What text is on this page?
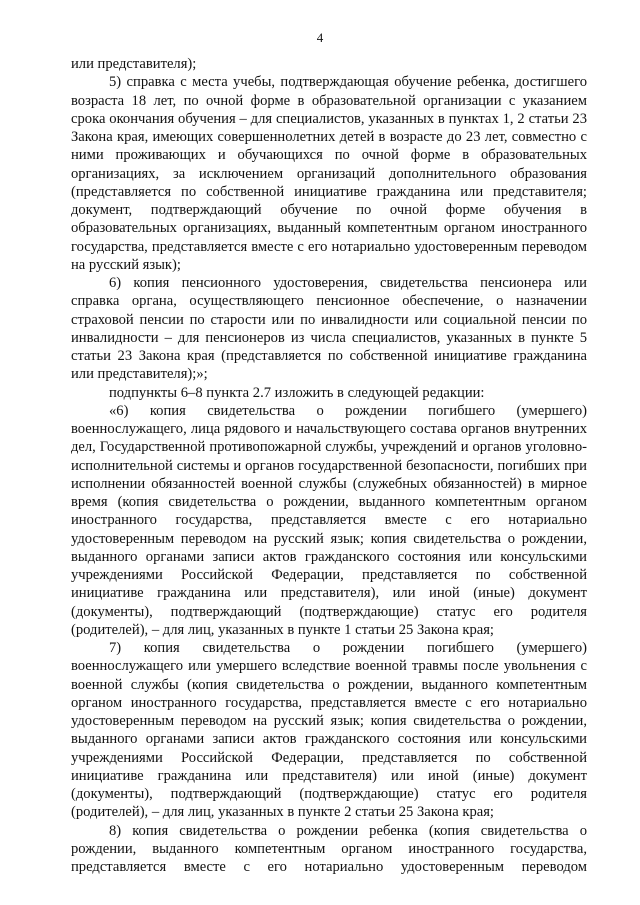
4

или представителя);

5) справка с места учебы, подтверждающая обучение ребенка, достигшего возраста 18 лет, по очной форме в образовательной организации с указанием срока окончания обучения – для специалистов, указанных в пунктах 1, 2 статьи 23 Закона края, имеющих совершеннолетних детей в возрасте до 23 лет, совместно с ними проживающих и обучающихся по очной форме в образовательных организациях, за исключением организаций дополнительного образования (представляется по собственной инициативе гражданина или представителя; документ, подтверждающий обучение по очной форме обучения в образовательных организациях, выданный компетентным органом иностранного государства, представляется вместе с его нотариально удостоверенным переводом на русский язык);

6) копия пенсионного удостоверения, свидетельства пенсионера или справка органа, осуществляющего пенсионное обеспечение, о назначении страховой пенсии по старости или по инвалидности или социальной пенсии по инвалидности – для пенсионеров из числа специалистов, указанных в пункте 5 статьи 23 Закона края (представляется по собственной инициативе гражданина или представителя);»;

подпункты 6–8 пункта 2.7 изложить в следующей редакции:

«6) копия свидетельства о рождении погибшего (умершего) военнослужащего, лица рядового и начальствующего состава органов внутренних дел, Государственной противопожарной службы, учреждений и органов уголовно-исполнительной системы и органов государственной безопасности, погибших при исполнении обязанностей военной службы (служебных обязанностей) в мирное время (копия свидетельства о рождении, выданного компетентным органом иностранного государства, представляется вместе с его нотариально удостоверенным переводом на русский язык; копия свидетельства о рождении, выданного органами записи актов гражданского состояния или консульскими учреждениями Российской Федерации, представляется по собственной инициативе гражданина или представителя), или иной (иные) документ (документы), подтверждающий (подтверждающие) статус его родителя (родителей), – для лиц, указанных в пункте 1 статьи 25 Закона края;

7) копия свидетельства о рождении погибшего (умершего) военнослужащего или умершего вследствие военной травмы после увольнения с военной службы (копия свидетельства о рождении, выданного компетентным органом иностранного государства, представляется вместе с его нотариально удостоверенным переводом на русский язык; копия свидетельства о рождении, выданного органами записи актов гражданского состояния или консульскими учреждениями Российской Федерации, представляется по собственной инициативе гражданина или представителя) или иной (иные) документ (документы), подтверждающий (подтверждающие) статус его родителя (родителей), – для лиц, указанных в пункте 2 статьи 25 Закона края;

8) копия свидетельства о рождении ребенка (копия свидетельства о рождении, выданного компетентным органом иностранного государства, представляется вместе с его нотариально удостоверенным переводом
